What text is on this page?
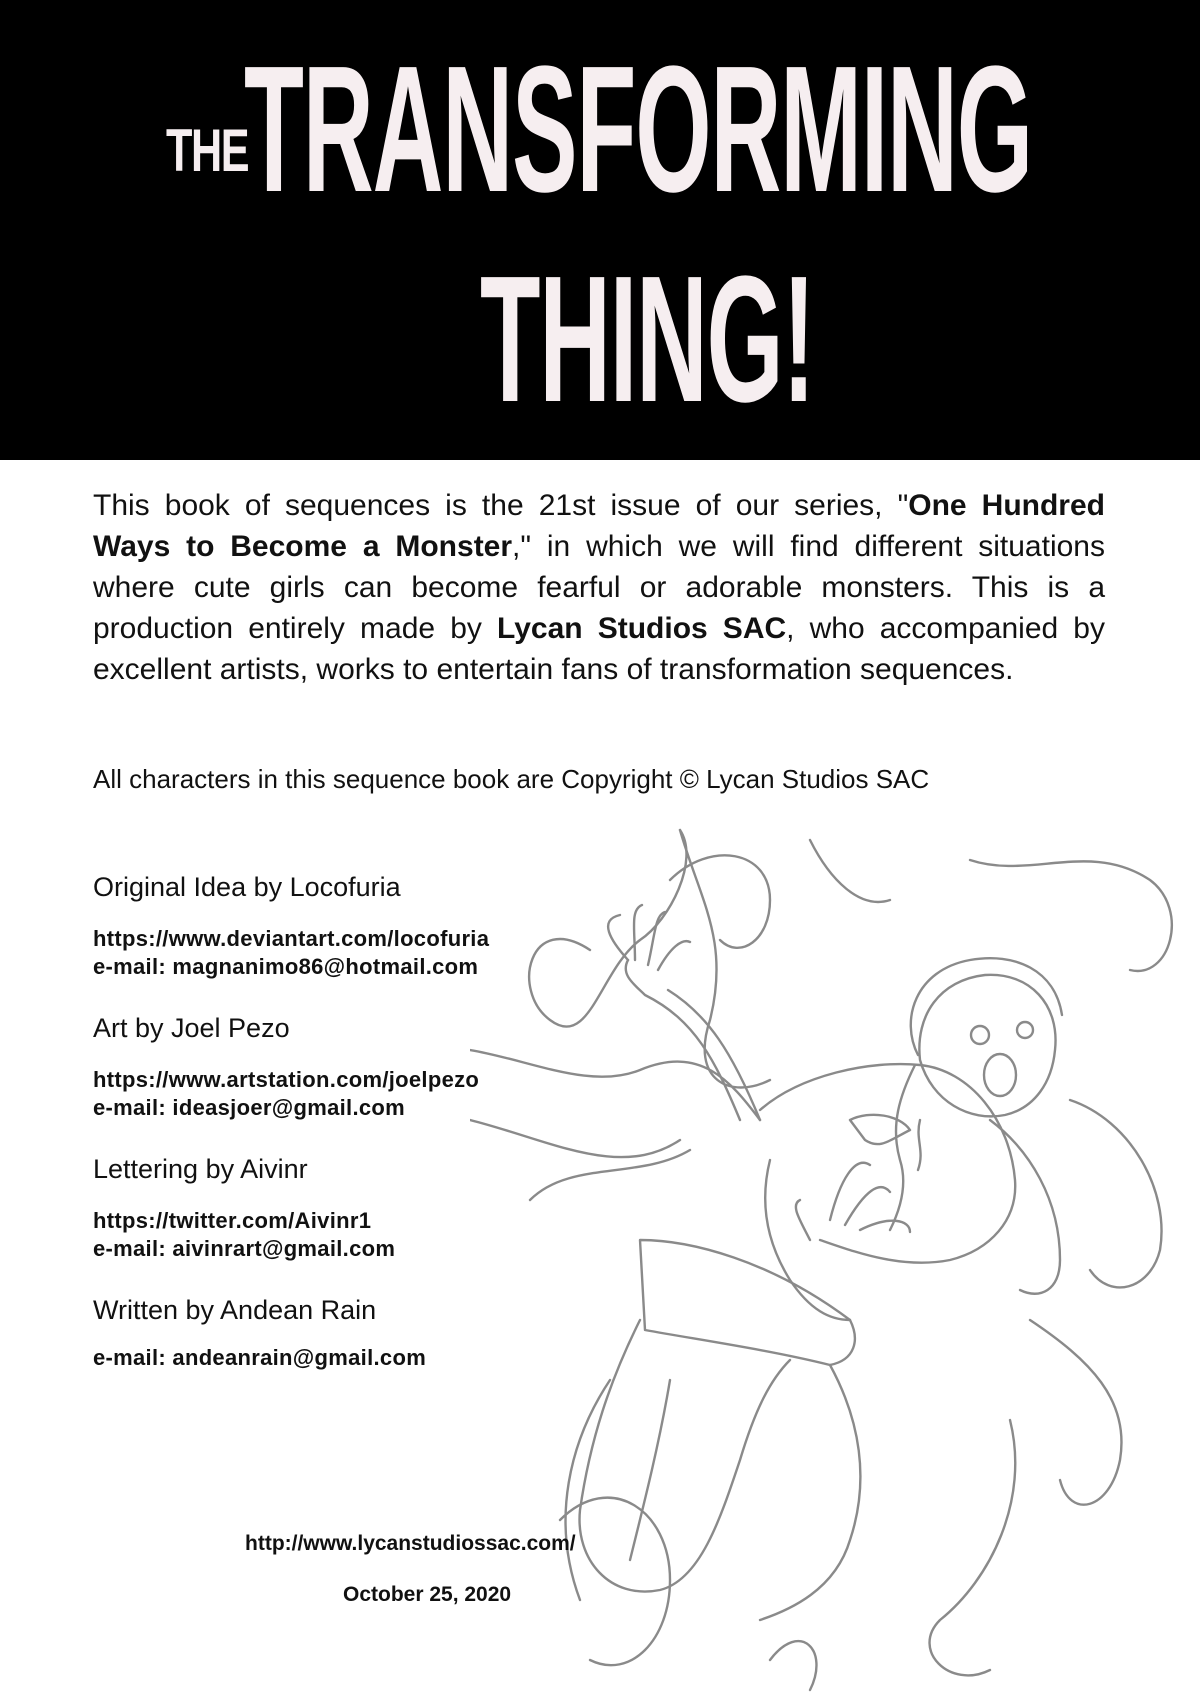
THE

TRANSFORMING

THING!

This book of sequences is the 21st issue of our series, "One Hundred Ways to Become a Monster," in which we will find different situations where cute girls can become fearful or adorable monsters. This is a production entirely made by Lycan Studios SAC, who accompanied by excellent artists, works to entertain fans of transformation sequences.

All characters in this sequence book are Copyright © Lycan Studios SAC

Original Idea by Locofuria

https://www.deviantart.com/locofuria

e-mail: magnanimo86@hotmail.com

Art by Joel Pezo

https://www.artstation.com/joelpezo

e-mail: ideasjoer@gmail.com

Lettering by Aivinr

https://twitter.com/Aivinr1

e-mail: aivinrart@gmail.com

Written by Andean Rain

e-mail: andeanrain@gmail.com

http://www.lycanstudiossac.com/

October 25, 2020
